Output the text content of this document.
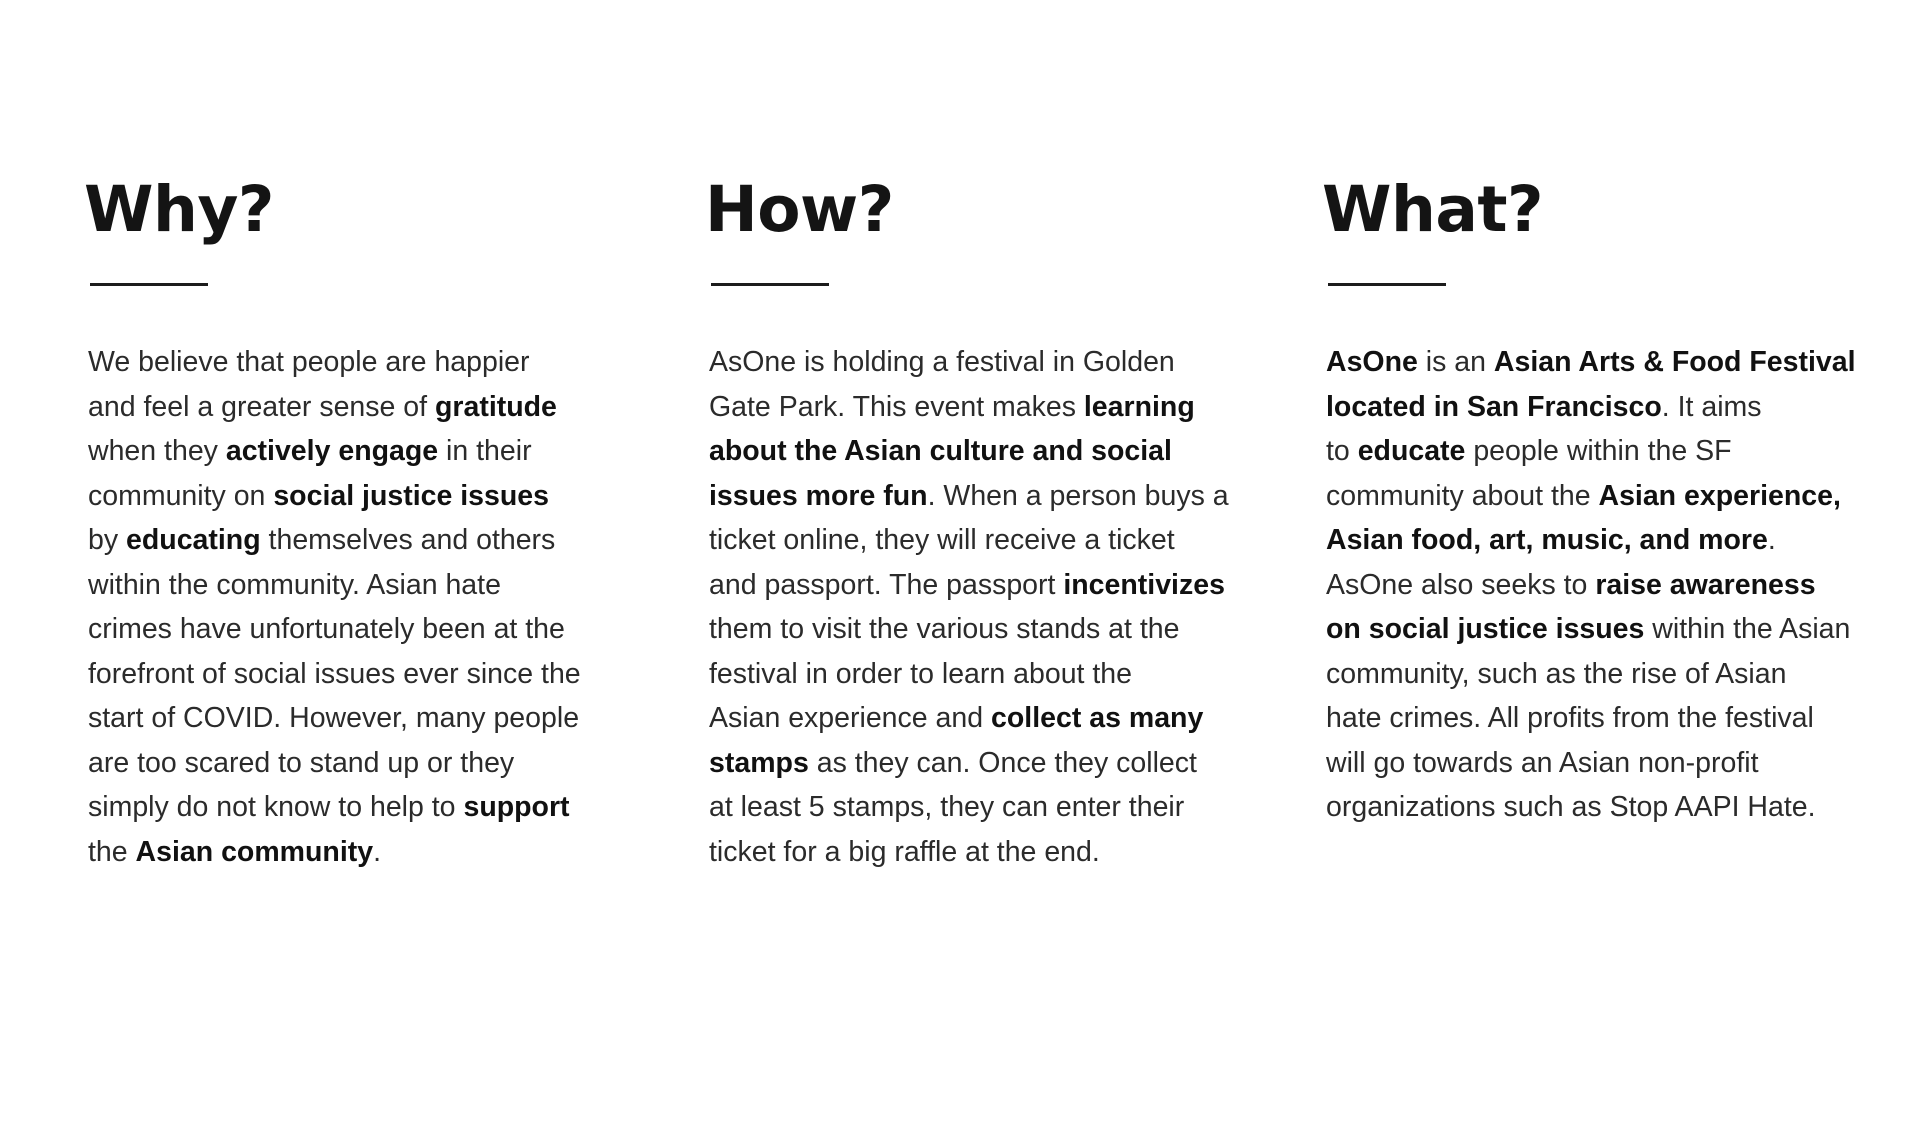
Why?

We believe that people are happier
and feel a greater sense of gratitude
when they actively engage in their
community on social justice issues
by educating themselves and others
within the community. Asian hate
crimes have unfortunately been at the
forefront of social issues ever since the
start of COVID. However, many people
are too scared to stand up or they
simply do not know to help to support
the Asian community.

How?

AsOne is holding a festival in Golden
Gate Park. This event makes learning
about the Asian culture and social
issues more fun. When a person buys a
ticket online, they will receive a ticket
and passport. The passport incentivizes
them to visit the various stands at the
festival in order to learn about the
Asian experience and collect as many
stamps as they can. Once they collect
at least 5 stamps, they can enter their
ticket for a big raffle at the end.

What?

AsOne is an Asian Arts & Food Festival
located in San Francisco. It aims
to educate people within the SF
community about the Asian experience,
Asian food, art, music, and more.
AsOne also seeks to raise awareness
on social justice issues within the Asian
community, such as the rise of Asian
hate crimes. All profits from the festival
will go towards an Asian non-profit
organizations such as Stop AAPI Hate.
